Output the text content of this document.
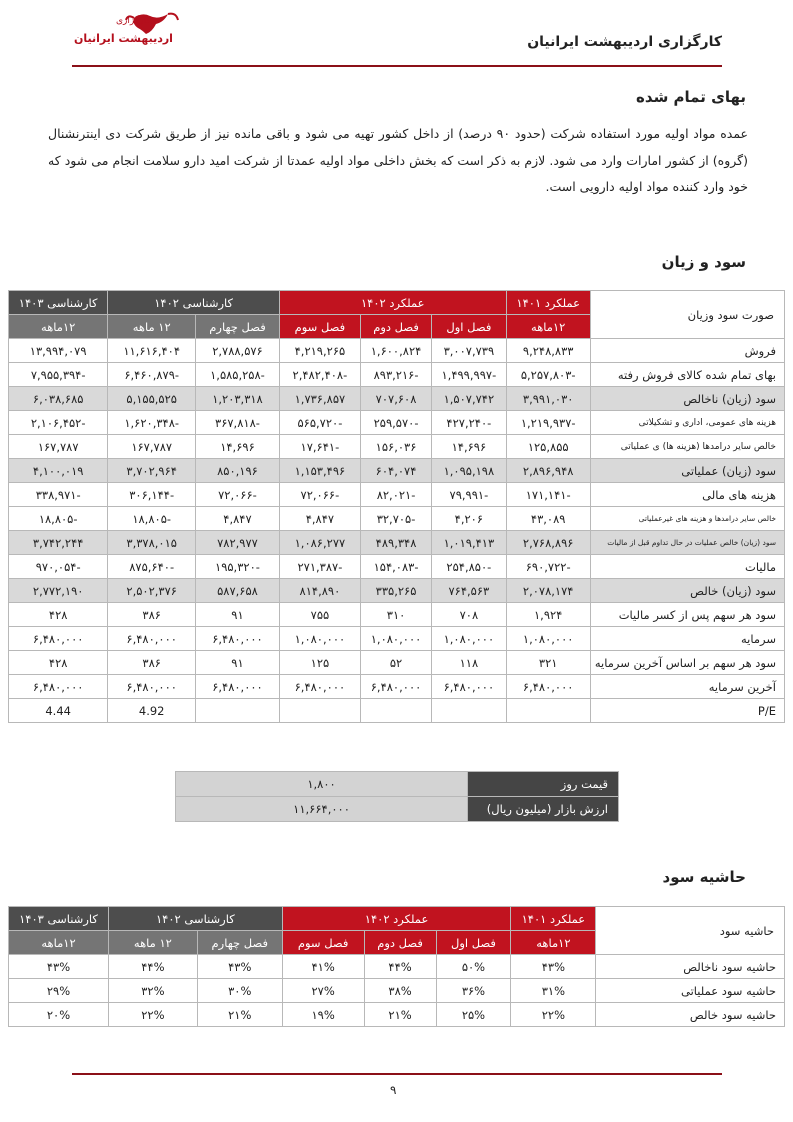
کارگزاری
اردیبهشت ایرانیان	کارگزاری اردیبهشت ایرانیان
بهای تمام شده
عمده مواد اولیه مورد استفاده شرکت (حدود ۹۰ درصد) از داخل کشور تهیه می شود و باقی مانده نیز از طریق شرکت دی اینترنشنال (گروه) از کشور امارات وارد می شود. لازم به ذکر است که بخش داخلی مواد اولیه عمدتا از شرکت امید دارو سلامت انجام می شود که خود وارد کننده مواد اولیه دارویی است.
سود و زیان
صورت سود وزیان	عملکرد ۱۴۰۱	عملکرد ۱۴۰۲			کارشناسی ۱۴۰۲		کارشناسی ۱۴۰۳
	۱۲ماهه	فصل اول	فصل دوم	فصل سوم	فصل چهارم	۱۲ ماهه	۱۲ماهه
فروش	۹,۲۴۸,۸۳۳	۳,۰۰۷,۷۳۹	۱,۶۰۰,۸۲۴	۴,۲۱۹,۲۶۵	۲,۷۸۸,۵۷۶	۱۱,۶۱۶,۴۰۴	۱۳,۹۹۴,۰۷۹
بهای تمام شده کالای فروش رفته	-۵,۲۵۷,۸۰۳	-۱,۴۹۹,۹۹۷	-۸۹۳,۲۱۶	-۲,۴۸۲,۴۰۸	-۱,۵۸۵,۲۵۸	-۶,۴۶۰,۸۷۹	-۷,۹۵۵,۳۹۴
سود (زیان) ناخالص	۳,۹۹۱,۰۳۰	۱,۵۰۷,۷۴۲	۷۰۷,۶۰۸	۱,۷۳۶,۸۵۷	۱,۲۰۳,۳۱۸	۵,۱۵۵,۵۲۵	۶,۰۳۸,۶۸۵
هزینه های عمومی، اداری و تشکیلاتی	-۱,۲۱۹,۹۳۷	-۴۲۷,۲۴۰	-۲۵۹,۵۷۰	-۵۶۵,۷۲۰	-۳۶۷,۸۱۸	-۱,۶۲۰,۳۴۸	-۲,۱۰۶,۴۵۲
خالص سایر درامدها (هزینه ها) ی عملیاتی	۱۲۵,۸۵۵	۱۴,۶۹۶	۱۵۶,۰۳۶	-۱۷,۶۴۱	۱۴,۶۹۶	۱۶۷,۷۸۷	۱۶۷,۷۸۷
سود (زیان) عملیاتی	۲,۸۹۶,۹۴۸	۱,۰۹۵,۱۹۸	۶۰۴,۰۷۴	۱,۱۵۳,۴۹۶	۸۵۰,۱۹۶	۳,۷۰۲,۹۶۴	۴,۱۰۰,۰۱۹
هزینه های مالی	-۱۷۱,۱۴۱	-۷۹,۹۹۱	-۸۲,۰۲۱	-۷۲,۰۶۶	-۷۲,۰۶۶	-۳۰۶,۱۴۴	-۳۳۸,۹۷۱
خالص سایر درامدها و هزینه های غیرعملیاتی	۴۳,۰۸۹	۴,۲۰۶	-۳۲,۷۰۵	۴,۸۴۷	۴,۸۴۷	-۱۸,۸۰۵	-۱۸,۸۰۵
سود (زیان) خالص عملیات در حال تداوم قبل از مالیات	۲,۷۶۸,۸۹۶	۱,۰۱۹,۴۱۳	۴۸۹,۳۴۸	۱,۰۸۶,۲۷۷	۷۸۲,۹۷۷	۳,۳۷۸,۰۱۵	۳,۷۴۲,۲۴۴
مالیات	-۶۹۰,۷۲۲	-۲۵۴,۸۵۰	-۱۵۴,۰۸۳	-۲۷۱,۳۸۷	-۱۹۵,۳۲۰	-۸۷۵,۶۴۰	-۹۷۰,۰۵۴
سود (زیان) خالص	۲,۰۷۸,۱۷۴	۷۶۴,۵۶۳	۳۳۵,۲۶۵	۸۱۴,۸۹۰	۵۸۷,۶۵۸	۲,۵۰۲,۳۷۶	۲,۷۷۲,۱۹۰
سود هر سهم پس از کسر مالیات	۱,۹۲۴	۷۰۸	۳۱۰	۷۵۵	۹۱	۳۸۶	۴۲۸
سرمایه	۱,۰۸۰,۰۰۰	۱,۰۸۰,۰۰۰	۱,۰۸۰,۰۰۰	۱,۰۸۰,۰۰۰	۶,۴۸۰,۰۰۰	۶,۴۸۰,۰۰۰	۶,۴۸۰,۰۰۰
سود هر سهم بر اساس آخرین سرمایه	۳۲۱	۱۱۸	۵۲	۱۲۵	۹۱	۳۸۶	۴۲۸
آخرین سرمایه	۶,۴۸۰,۰۰۰	۶,۴۸۰,۰۰۰	۶,۴۸۰,۰۰۰	۶,۴۸۰,۰۰۰	۶,۴۸۰,۰۰۰	۶,۴۸۰,۰۰۰	۶,۴۸۰,۰۰۰
P/E						4.92	4.44
قیمت روز	۱,۸۰۰
ارزش بازار (میلیون ریال)	۱۱,۶۶۴,۰۰۰
حاشیه سود
حاشیه سود	عملکرد ۱۴۰۱	عملکرد ۱۴۰۲			کارشناسی ۱۴۰۲		کارشناسی ۱۴۰۳
	۱۲ماهه	فصل اول	فصل دوم	فصل سوم	فصل چهارم	۱۲ ماهه	۱۲ماهه
حاشیه سود ناخالص	۴۳%	۵۰%	۴۴%	۴۱%	۴۳%	۴۴%	۴۳%
حاشیه سود عملیاتی	۳۱%	۳۶%	۳۸%	۲۷%	۳۰%	۳۲%	۲۹%
حاشیه سود خالص	۲۲%	۲۵%	۲۱%	۱۹%	۲۱%	۲۲%	۲۰%
۹
